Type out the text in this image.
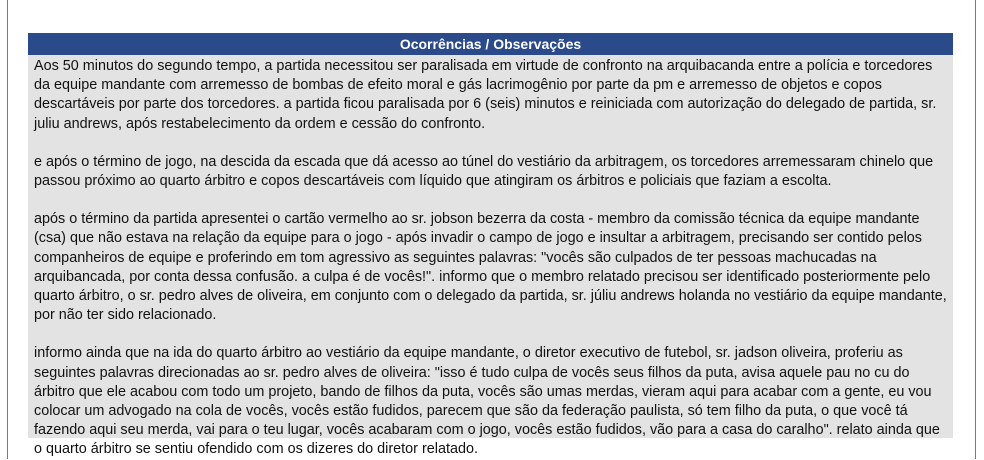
Ocorrências / Observações

Aos 50 minutos do segundo tempo, a partida necessitou ser paralisada em virtude de confronto na arquibacanda entre a polícia e torcedores da equipe mandante com arremesso de bombas de efeito moral e gás lacrimogênio por parte da pm e arremesso de objetos e copos descartáveis por parte dos torcedores. a partida ficou paralisada por 6 (seis) minutos e reiniciada com autorização do delegado de partida, sr. juliu andrews, após restabelecimento da ordem e cessão do confronto.

e após o término de jogo, na descida da escada que dá acesso ao túnel do vestiário da arbitragem, os torcedores arremessaram chinelo que passou próximo ao quarto árbitro e copos descartáveis com líquido que atingiram os árbitros e policiais que faziam a escolta.

após o término da partida apresentei o cartão vermelho ao sr. jobson bezerra da costa - membro da comissão técnica da equipe mandante (csa) que não estava na relação da equipe para o jogo - após invadir o campo de jogo e insultar a arbitragem, precisando ser contido pelos companheiros de equipe e proferindo em tom agressivo as seguintes palavras: "vocês são culpados de ter pessoas machucadas na arquibancada, por conta dessa confusão. a culpa é de vocês!". informo que o membro relatado precisou ser identificado posteriormente pelo quarto árbitro, o sr. pedro alves de oliveira, em conjunto com o delegado da partida, sr. júliu andrews holanda no vestiário da equipe mandante, por não ter sido relacionado.

informo ainda que na ida do quarto árbitro ao vestiário da equipe mandante, o diretor executivo de futebol, sr. jadson oliveira, proferiu as seguintes palavras direcionadas ao sr. pedro alves de oliveira: "isso é tudo culpa de vocês seus filhos da puta, avisa aquele pau no cu do árbitro que ele acabou com todo um projeto, bando de filhos da puta, vocês são umas merdas, vieram aqui para acabar com a gente, eu vou colocar um advogado na cola de vocês, vocês estão fudidos, parecem que são da federação paulista, só tem filho da puta, o que você tá fazendo aqui seu merda, vai para o teu lugar, vocês acabaram com o jogo, vocês estão fudidos, vão para a casa do caralho". relato ainda que o quarto árbitro se sentiu ofendido com os dizeres do diretor relatado.
